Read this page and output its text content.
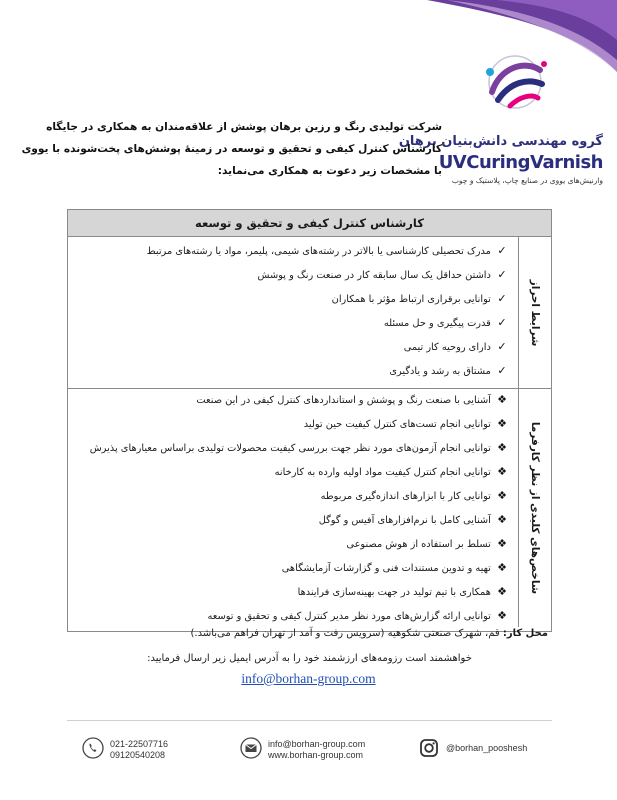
گروه مهندسی دانش‌بنیان برهان
UVCuringVarnish
وارنیش‌های یووی در صنایع چاپ، پلاستیک و چوب
شرکت تولیدی رنگ و رزین برهان پوشش از علاقه‌مندان به همکاری در جایگاه
کارشناس کنترل کیفی و تحقیق و توسعه در زمینهٔ پوشش‌های پخت‌شونده با یووی
با مشخصات زیر دعوت به همکاری می‌نماید:
کارشناس کنترل کیفی و تحقیق و توسعه
شرایط احراز
✓ مدرک تحصیلی کارشناسی یا بالاتر در رشته‌های شیمی، پلیمر، مواد یا رشته‌های مرتبط
✓ داشتن حداقل یک سال سابقه کار در صنعت رنگ و پوشش
✓ توانایی برقراری ارتباط مؤثر با همکاران
✓ قدرت پیگیری و حل مسئله
✓ دارای روحیه کار تیمی
✓ مشتاق به رشد و یادگیری
شاخص‌های کلیدی از نظر کارفرما
❖ آشنایی با صنعت رنگ و پوشش و استانداردهای کنترل کیفی در این صنعت
❖ توانایی انجام تست‌های کنترل کیفیت حین تولید
❖ توانایی انجام آزمون‌های مورد نظر جهت بررسی کیفیت محصولات تولیدی براساس معیارهای پذیرش
❖ توانایی انجام کنترل کیفیت مواد اولیه وارده به کارخانه
❖ توانایی کار با ابزارهای اندازه‌گیری مربوطه
❖ آشنایی کامل با نرم‌افزارهای آفیس و گوگل
❖ تسلط بر استفاده از هوش مصنوعی
❖ تهیه و تدوین مستندات فنی و گزارشات آزمایشگاهی
❖ همکاری با تیم تولید در جهت بهینه‌سازی فرایندها
❖ توانایی ارائه گزارش‌های مورد نظر مدیر کنترل کیفی و تحقیق و توسعه
محل کار: قم، شهرک صنعتی شکوهیه (سرویس رفت و آمد از تهران فراهم می‌باشد.)
خواهشمند است رزومه‌های ارزشمند خود را به آدرس ایمیل زیر ارسال فرمایید:
info@borhan-group.com
021-22507716
09120540208
info@borhan-group.com
www.borhan-group.com
@borhan_pooshesh
